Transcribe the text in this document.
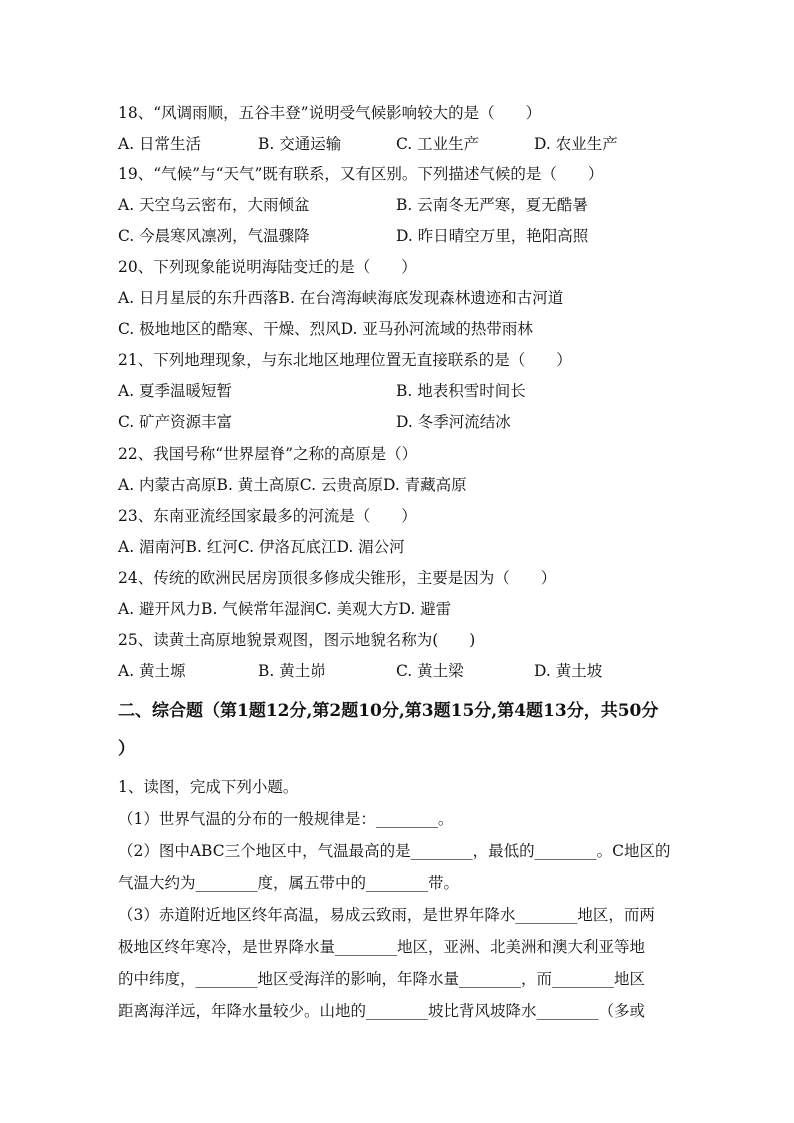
18、“风调雨顺，五谷丰登”说明受气候影响较大的是（　　）
A. 日常生活	B. 交通运输	C. 工业生产	D. 农业生产
19、“气候”与“天气”既有联系，又有区别。下列描述气候的是（　　）
A. 天空乌云密布，大雨倾盆	B. 云南冬无严寒，夏无酷暑
C. 今晨寒风凛冽，气温骤降	D. 昨日晴空万里，艳阳高照
20、下列现象能说明海陆变迁的是（　　）
A. 日月星辰的东升西落B. 在台湾海峡海底发现森林遗迹和古河道
C. 极地地区的酷寒、干燥、烈风D. 亚马孙河流域的热带雨林
21、下列地理现象，与东北地区地理位置无直接联系的是（　　）
A. 夏季温暖短暂	B. 地表积雪时间长
C. 矿产资源丰富	D. 冬季河流结冰
22、我国号称“世界屋脊”之称的高原是（）
A. 内蒙古高原B. 黄土高原C. 云贵高原D. 青藏高原
23、东南亚流经国家最多的河流是（　　）
A. 湄南河B. 红河C. 伊洛瓦底江D. 湄公河
24、传统的欧洲民居房顶很多修成尖锥形，主要是因为（　　）
A. 避开风力B. 气候常年湿润C. 美观大方D. 避雷
25、读黄土高原地貌景观图，图示地貌名称为(　　)
A. 黄土塬	B. 黄土峁	C. 黄土梁	D. 黄土坡
二、综合题（第1题12分,第2题10分,第3题15分,第4题13分，共50分
）
1、读图，完成下列小题。
（1）世界气温的分布的一般规律是：________。
（2）图中ABC三个地区中，气温最高的是________，最低的________。C地区的
气温大约为________度，属五带中的________带。
（3）赤道附近地区终年高温，易成云致雨，是世界年降水________地区，而两
极地区终年寒冷，是世界降水量________地区，亚洲、北美洲和澳大利亚等地
的中纬度，________地区受海洋的影响，年降水量________，而________地区
距离海洋远，年降水量较少。山地的________坡比背风坡降水________（多或
